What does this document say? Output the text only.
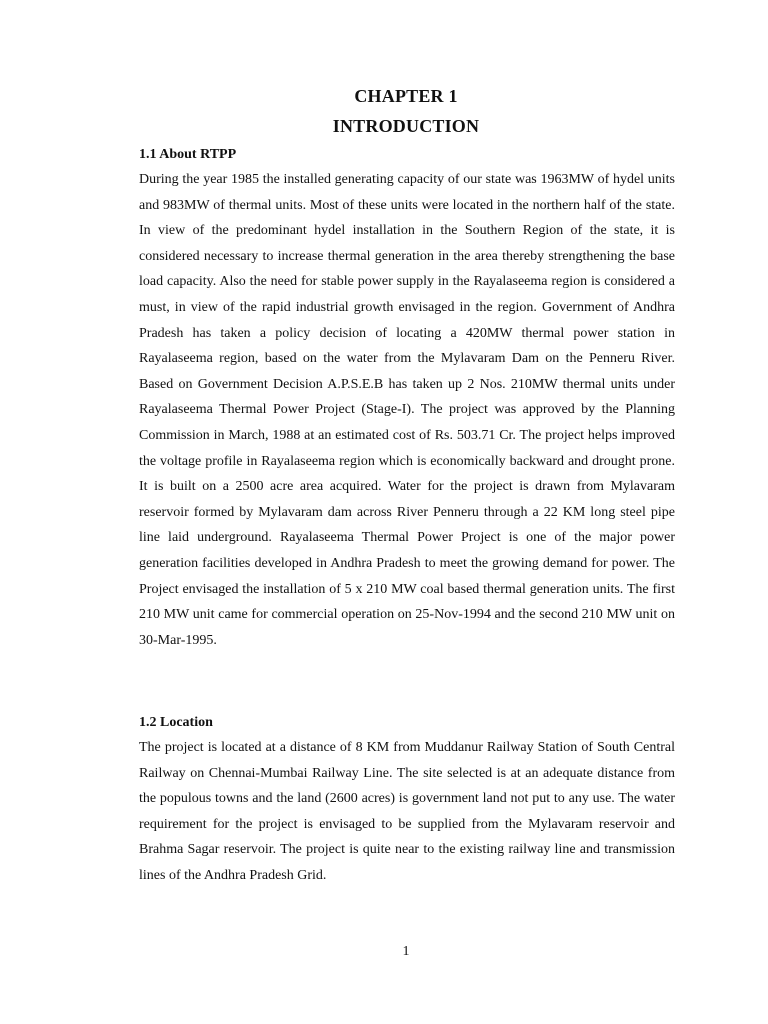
CHAPTER 1
INTRODUCTION
1.1 About RTPP

During the year 1985 the installed generating capacity of our state was 1963MW of hydel units and 983MW of thermal units. Most of these units were located in the northern half of the state. In view of the predominant hydel installation in the Southern Region of the state, it is considered necessary to increase thermal generation in the area thereby strengthening the base load capacity. Also the need for stable power supply in the Rayalaseema region is considered a must, in view of the rapid industrial growth envisaged in the region. Government of Andhra Pradesh has taken a policy decision of locating a 420MW thermal power station in Rayalaseema region, based on the water from the Mylavaram Dam on the Penneru River. Based on Government Decision A.P.S.E.B has taken up 2 Nos. 210MW thermal units under Rayalaseema Thermal Power Project (Stage-I). The project was approved by the Planning Commission in March, 1988 at an estimated cost of Rs. 503.71 Cr. The project helps improved the voltage profile in Rayalaseema region which is economically backward and drought prone. It is built on a 2500 acre area acquired. Water for the project is drawn from Mylavaram reservoir formed by Mylavaram dam across River Penneru through a 22 KM long steel pipe line laid underground. Rayalaseema Thermal Power Project is one of the major power generation facilities developed in Andhra Pradesh to meet the growing demand for power. The Project envisaged the installation of 5 x 210 MW coal based thermal generation units. The first 210 MW unit came for commercial operation on 25-Nov-1994 and the second 210 MW unit on 30-Mar-1995.

1.2 Location

The project is located at a distance of 8 KM from Muddanur Railway Station of South Central Railway on Chennai-Mumbai Railway Line. The site selected is at an adequate distance from the populous towns and the land (2600 acres) is government land not put to any use. The water requirement for the project is envisaged to be supplied from the Mylavaram reservoir and Brahma Sagar reservoir. The project is quite near to the existing railway line and transmission lines of the Andhra Pradesh Grid.

1
